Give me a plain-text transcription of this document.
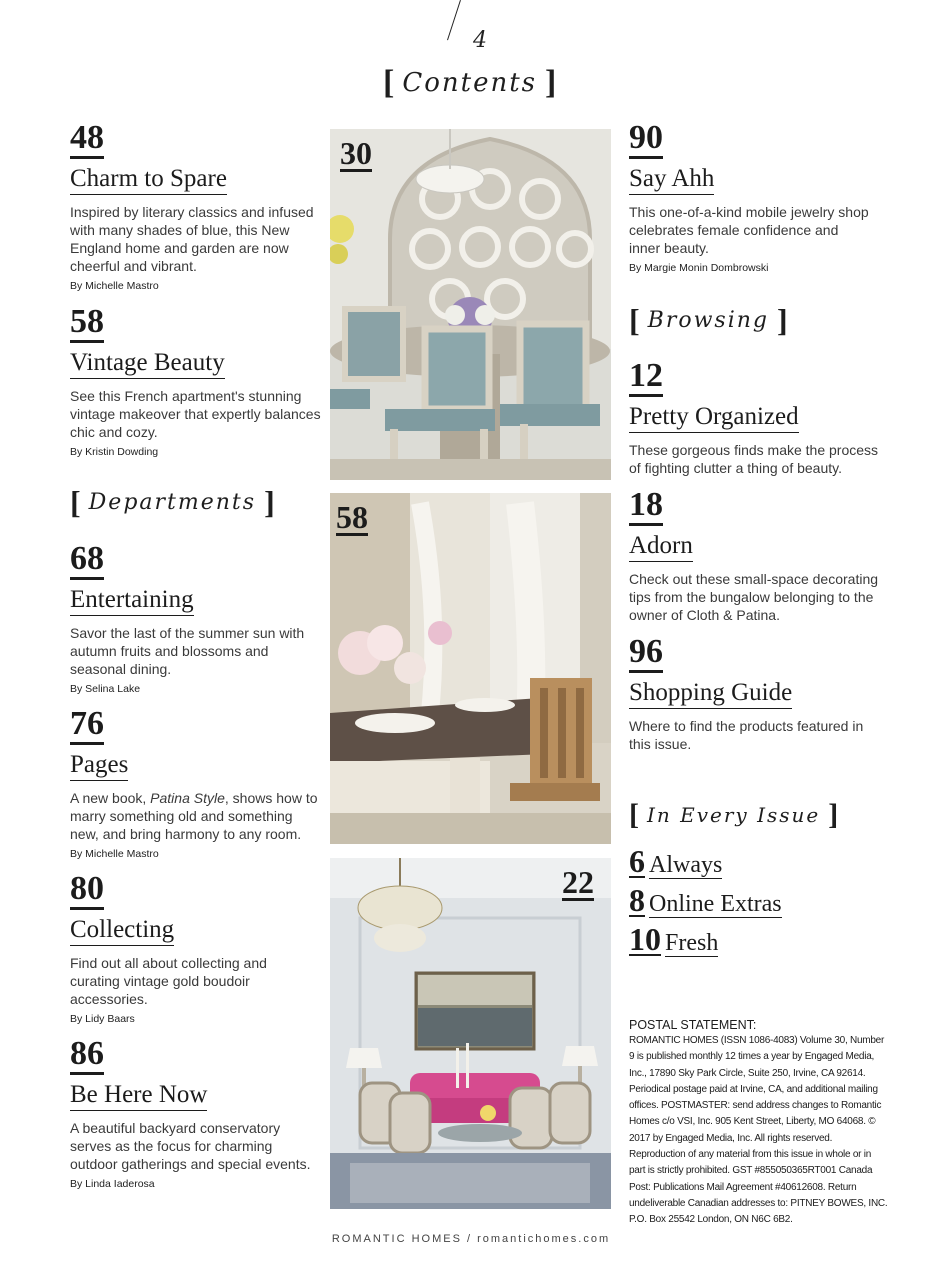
4
[ Contents ]
48
Charm to Spare
Inspired by literary classics and infused with many shades of blue, this New England home and garden are now cheerful and vibrant.
By Michelle Mastro
58
Vintage Beauty
See this French apartment's stunning vintage makeover that expertly balances chic and cozy.
By Kristin Dowding
[ Departments ]
68
Entertaining
Savor the last of the summer sun with autumn fruits and blossoms and seasonal dining.
By Selina Lake
76
Pages
A new book, Patina Style, shows how to marry something old and something new, and bring harmony to any room.
By Michelle Mastro
80
Collecting
Find out all about collecting and curating vintage gold boudoir accessories.
By Lidy Baars
86
Be Here Now
A beautiful backyard conservatory serves as the focus for charming outdoor gatherings and special events.
By Linda Iaderosa
30
58
22
90
Say Ahh
This one-of-a-kind mobile jewelry shop celebrates female confidence and inner beauty.
By Margie Monin Dombrowski
[ Browsing ]
12
Pretty Organized
These gorgeous finds make the process of fighting clutter a thing of beauty.
18
Adorn
Check out these small-space decorating tips from the bungalow belonging to the owner of Cloth & Patina.
96
Shopping Guide
Where to find the products featured in this issue.
[ In Every Issue ]
6 Always
8 Online Extras
10 Fresh
POSTAL STATEMENT:
ROMANTIC HOMES (ISSN 1086-4083) Volume 30, Number 9 is published monthly 12 times a year by Engaged Media, Inc., 17890 Sky Park Circle, Suite 250, Irvine, CA 92614. Periodical postage paid at Irvine, CA, and additional mailing offices. POSTMASTER: send address changes to Romantic Homes c/o VSI, Inc. 905 Kent Street, Liberty, MO 64068. © 2017 by Engaged Media, Inc. All rights reserved. Reproduction of any material from this issue in whole or in part is strictly prohibited. GST #855050365RT001 Canada Post: Publications Mail Agreement #40612608. Return undeliverable Canadian addresses to: PITNEY BOWES, INC. P.O. Box 25542 London, ON N6C 6B2.
ROMANTIC HOMES / romantichomes.com
